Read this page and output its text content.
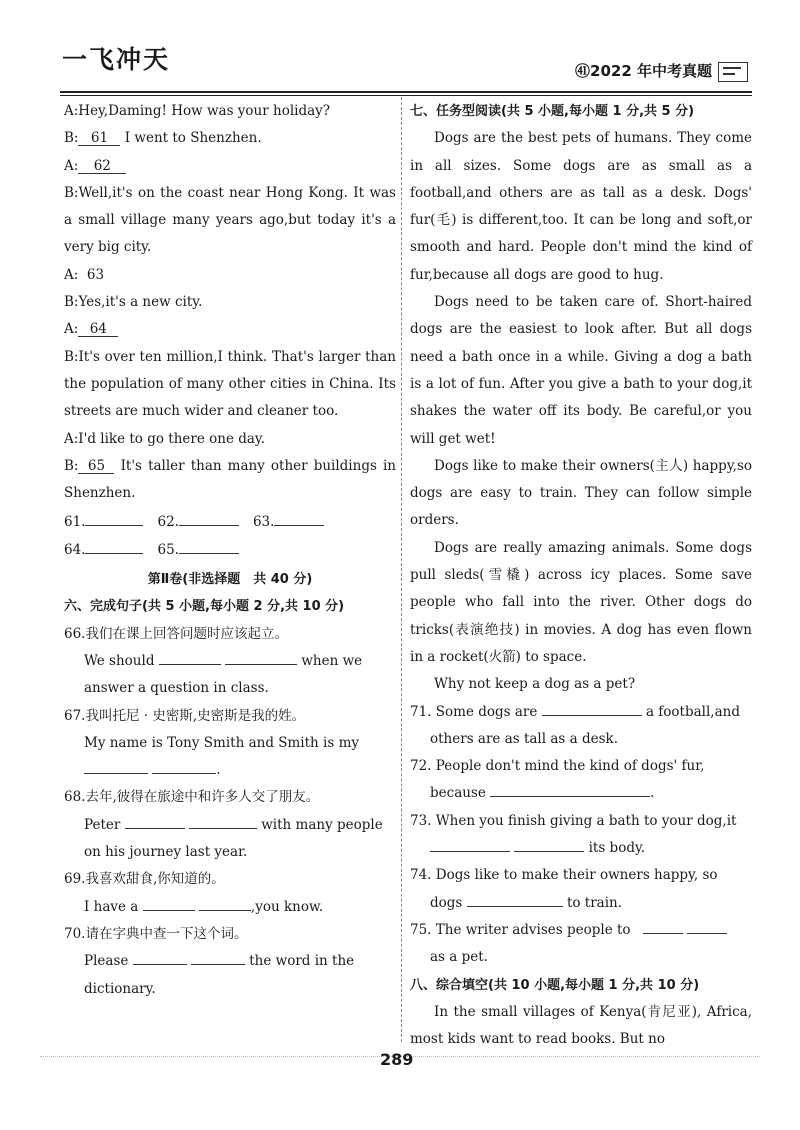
一飞冲天	㊶2022 年中考真题

A:Hey,Daming! How was your holiday?

B: 61 I went to Shenzhen.

A: 62

B:Well,it's on the coast near Hong Kong. It was a small village many years ago,but today it's a very big city.

A: 63

B:Yes,it's a new city.

A: 64

B:It's over ten million,I think. That's larger than the population of many other cities in China. Its streets are much wider and cleaner too.

A:I'd like to go there one day.

B: 65 It's taller than many other buildings in Shenzhen.

61.	62.	63.

64.	65.

第Ⅱ卷(非选择题　共 40 分)

六、完成句子(共 5 小题,每小题 2 分,共 10 分)

66.我们在课上回答问题时应该起立。

We should	when we

answer a question in class.

67.我叫托尼 · 史密斯,史密斯是我的姓。

My name is Tony Smith and Smith is my

.

68.去年,彼得在旅途中和许多人交了朋友。

Peter	with many people

on his journey last year.

69.我喜欢甜食,你知道的。

I have a	,you know.

70.请在字典中查一下这个词。

Please	the word in the

dictionary.

七、任务型阅读(共 5 小题,每小题 1 分,共 5 分)

Dogs are the best pets of humans. They come in all sizes. Some dogs are as small as a football,and others are as tall as a desk. Dogs' fur(毛) is different,too. It can be long and soft,or smooth and hard. People don't mind the kind of fur,because all dogs are good to hug.

Dogs need to be taken care of. Short-haired dogs are the easiest to look after. But all dogs need a bath once in a while. Giving a dog a bath is a lot of fun. After you give a bath to your dog,it shakes the water off its body. Be careful,or you will get wet!

Dogs like to make their owners(主人) happy,so dogs are easy to train. They can follow simple orders.

Dogs are really amazing animals. Some dogs pull sleds(雪橇) across icy places. Some save people who fall into the river. Other dogs do tricks(表演绝技) in movies. A dog has even flown in a rocket(火箭) to space.

Why not keep a dog as a pet?

71. Some dogs are	a football,and

others are as tall as a desk.

72. People don't mind the kind of dogs' fur,

because	.

73. When you finish giving a bath to your dog,it

its body.

74. Dogs like to make their owners happy, so

dogs	to train.

75. The writer advises people to

as a pet.

八、综合填空(共 10 小题,每小题 1 分,共 10 分)

In the small villages of Kenya(肯尼亚), Africa, most kids want to read books. But no

289
